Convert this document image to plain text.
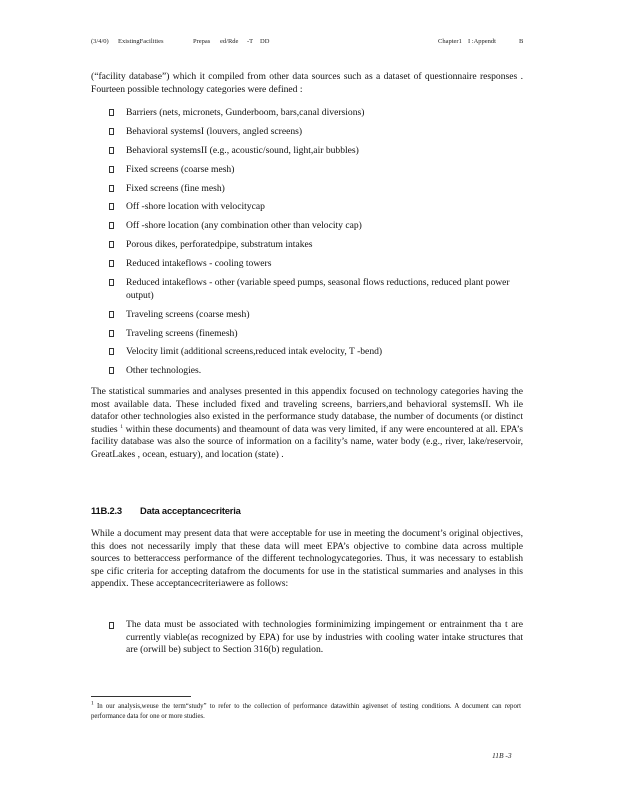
(3/4/0) ExistingFacilities	Prepas ed/Rde -T DD	Chapter1 I :Appendt	B
(“facility database”) which it compiled from other data sources such as a dataset of questionnaire responses . Fourteen possible technology categories were defined :
Barriers (nets, micronets, Gunderboom, bars,canal diversions)
Behavioral systemsI (louvers, angled screens)
Behavioral systemsII (e.g., acoustic/sound, light,air bubbles)
Fixed screens (coarse mesh)
Fixed screens (fine mesh)
Off -shore location with velocitycap
Off -shore location (any combination other than velocity cap)
Porous dikes, perforatedpipe, substratum intakes
Reduced intakeflows - cooling towers
Reduced intakeflows - other (variable speed pumps, seasonal flows reductions, reduced plant power output)
Traveling screens (coarse mesh)
Traveling screens (finemesh)
Velocity limit (additional screens,reduced intak evelocity, T -bend)
Other technologies.
The statistical summaries and analyses presented in this appendix focused on technology categories having the most available data. These included fixed and traveling screens, barriers,and behavioral systemsII. Wh ile datafor other technologies also existed in the performance study database, the number of documents (or distinct studies $^1$ within these documents) and theamount of data was very limited, if any were encountered at all. EPA’s facility database was also the source of information on a facility’s name, water body (e.g., river, lake/reservoir, GreatLakes , ocean, estuary), and location (state) .
11B.2.3 Data acceptancecriteria
While a document may present data that were acceptable for use in meeting the document’s original objectives, this does not necessarily imply that these data will meet EPA’s objective to combine data across multiple sources to betteraccess performance of the different technologycategories. Thus, it was necessary to establish spe cific criteria for accepting datafrom the documents for use in the statistical summaries and analyses in this appendix. These acceptancecriteriawere as follows:
The data must be associated with technologies forminimizing impingement or entrainment tha t are currently viable(as recognized by EPA) for use by industries with cooling water intake structures that are (orwill be) subject to Section 316(b) regulation.
$^1$ In our analysis,weuse the term“study” to refer to the collection of performance datawithin agivenset of testing conditions. A document can report performance data for one or more studies.
11B -3
